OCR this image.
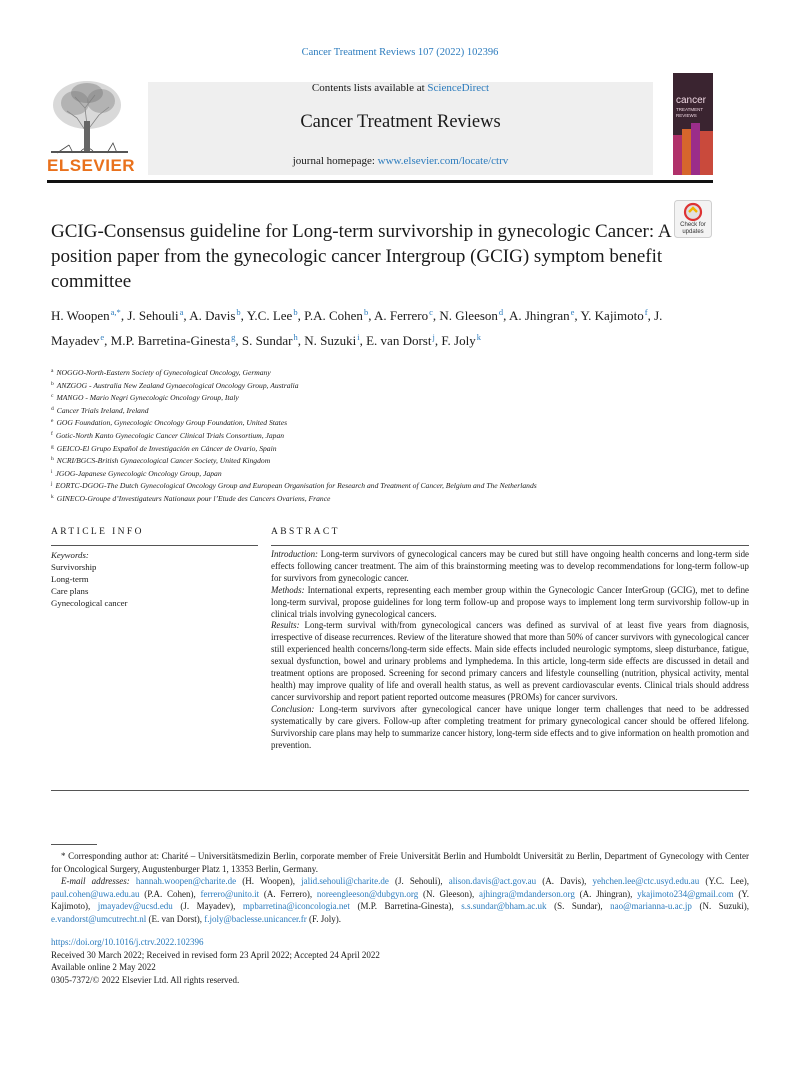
Cancer Treatment Reviews 107 (2022) 102396
ELSEVIER
Contents lists available at ScienceDirect
Cancer Treatment Reviews
journal homepage: www.elsevier.com/locate/ctrv
cancer
TREATMENT
REVIEWS
Check for
updates
GCIG-Consensus guideline for Long-term survivorship in gynecologic Cancer: A position paper from the gynecologic cancer Intergroup (GCIG) symptom benefit committee
H. Woopen$^{a,*}$, J. Sehouli$^a$, A. Davis$^b$, Y.C. Lee$^b$, P.A. Cohen$^b$, A. Ferrero$^c$, N. Gleeson$^d$, A. Jhingran$^e$, Y. Kajimoto$^f$, J. Mayadev$^e$, M.P. Barretina-Ginesta$^g$, S. Sundar$^h$, N. Suzuki$^i$, E. van Dorst$^j$, F. Joly$^k$
$^a$ NOGGO-North-Eastern Society of Gynecological Oncology, Germany
$^b$ ANZGOG - Australia New Zealand Gynaecological Oncology Group, Australia
$^c$ MANGO - Mario Negri Gynecologic Oncology Group, Italy
$^d$ Cancer Trials Ireland, Ireland
$^e$ GOG Foundation, Gynecologic Oncology Group Foundation, United States
$^f$ Gotic-North Kanto Gynecologic Cancer Clinical Trials Consortium, Japan
$^g$ GEICO-El Grupo Español de Investigación en Cáncer de Ovario, Spain
$^h$ NCRI/BGCS-British Gynaecological Cancer Society, United Kingdom
$^i$ JGOG-Japanese Gynecologic Oncology Group, Japan
$^j$ EORTC-DGOG-The Dutch Gynecological Oncology Group and European Organisation for Research and Treatment of Cancer, Belgium and The Netherlands
$^k$ GINECO-Groupe d’Investigateurs Nationaux pour l’Etude des Cancers Ovariens, France
ARTICLE INFO	ABSTRACT
Keywords:
Survivorship
Long-term
Care plans
Gynecological cancer

Introduction: Long-term survivors of gynecological cancers may be cured but still have ongoing health concerns and long-term side effects following cancer treatment. The aim of this brainstorming meeting was to develop recommendations for long-term follow-up for survivors from gynecologic cancer.

Methods: International experts, representing each member group within the Gynecologic Cancer InterGroup (GCIG), met to define long-term survival, propose guidelines for long term follow-up and propose ways to implement long term survivorship follow-up in clinical trials involving gynecological cancers.

Results: Long-term survival with/from gynecological cancers was defined as survival of at least five years from diagnosis, irrespective of disease recurrences. Review of the literature showed that more than 50% of cancer survivors with gynecological cancer still experienced health concerns/long-term side effects. Main side effects included neurologic symptoms, sleep disturbance, fatigue, sexual dysfunction, bowel and urinary problems and lymphedema. In this article, long-term side effects are discussed in detail and treatment options are proposed. Screening for second primary cancers and lifestyle counselling (nutrition, physical activity, mental health) may improve quality of life and overall health status, as well as prevent cardiovascular events. Clinical trials should address cancer survivorship and report patient reported outcome measures (PROMs) for cancer survivors.

Conclusion: Long-term survivors after gynecological cancer have unique longer term challenges that need to be addressed systematically by care givers. Follow-up after completing treatment for primary gynecological cancer should be offered lifelong. Survivorship care plans may help to summarize cancer history, long-term side effects and to give information on health promotion and prevention.

* Corresponding author at: Charité – Universitätsmedizin Berlin, corporate member of Freie Universität Berlin and Humboldt Universität zu Berlin, Department of Gynecology with Center for Oncological Surgery, Augustenburger Platz 1, 13353 Berlin, Germany.
E-mail addresses: hannah.woopen@charite.de (H. Woopen), jalid.sehouli@charite.de (J. Sehouli), alison.davis@act.gov.au (A. Davis), yehchen.lee@ctc.usyd.edu.au (Y.C. Lee), paul.cohen@uwa.edu.au (P.A. Cohen), ferrero@unito.it (A. Ferrero), noreengleeson@dubgyn.org (N. Gleeson), ajhingra@mdanderson.org (A. Jhingran), ykajimoto234@gmail.com (Y. Kajimoto), jmayadev@ucsd.edu (J. Mayadev), mpbarretina@iconcologia.net (M.P. Barretina-Ginesta), s.s.sundar@bham.ac.uk (S. Sundar), nao@marianna-u.ac.jp (N. Suzuki), e.vandorst@umcutrecht.nl (E. van Dorst), f.joly@baclesse.unicancer.fr (F. Joly).
https://doi.org/10.1016/j.ctrv.2022.102396
Received 30 March 2022; Received in revised form 23 April 2022; Accepted 24 April 2022
Available online 2 May 2022
0305-7372/© 2022 Elsevier Ltd. All rights reserved.
